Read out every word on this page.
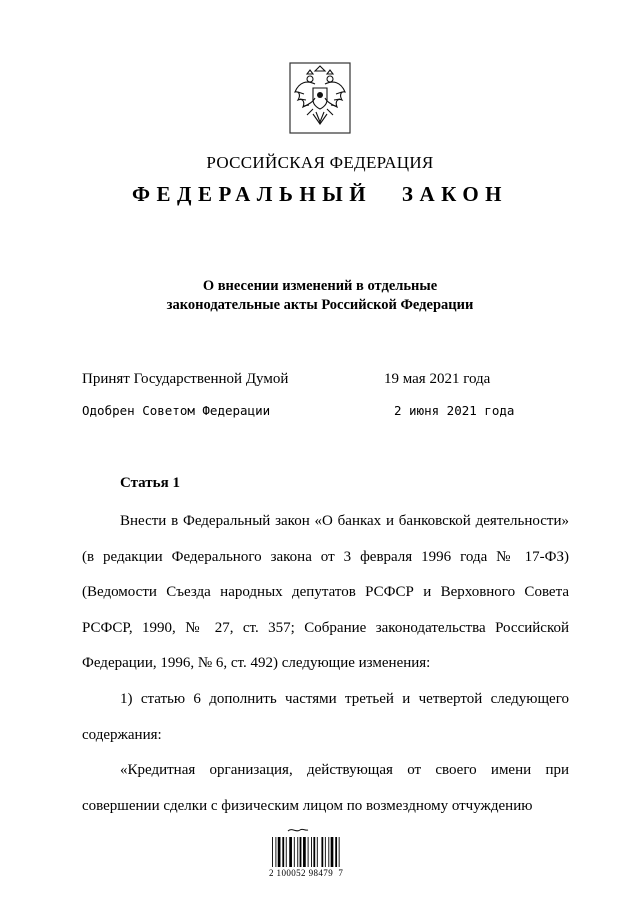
РОССИЙСКАЯ ФЕДЕРАЦИЯ
ФЕДЕРАЛЬНЫЙ ЗАКОН
О внесении изменений в отдельные
законодательные акты Российской Федерации
Принят Государственной Думой	19 мая 2021 года
Одобрен Советом Федерации	2 июня 2021 года
Статья 1

Внести в Федеральный закон «О банках и банковской деятельности» (в редакции Федерального закона от 3 февраля 1996 года № 17-ФЗ) (Ведомости Съезда народных депутатов РСФСР и Верховного Совета РСФСР, 1990, № 27, ст. 357; Собрание законодательства Российской Федерации, 1996, № 6, ст. 492) следующие изменения:

1) статью 6 дополнить частями третьей и четвертой следующего содержания:

«Кредитная организация, действующая от своего имени при совершении сделки с физическим лицом по возмездному отчуждению

2 100052 98479  7
